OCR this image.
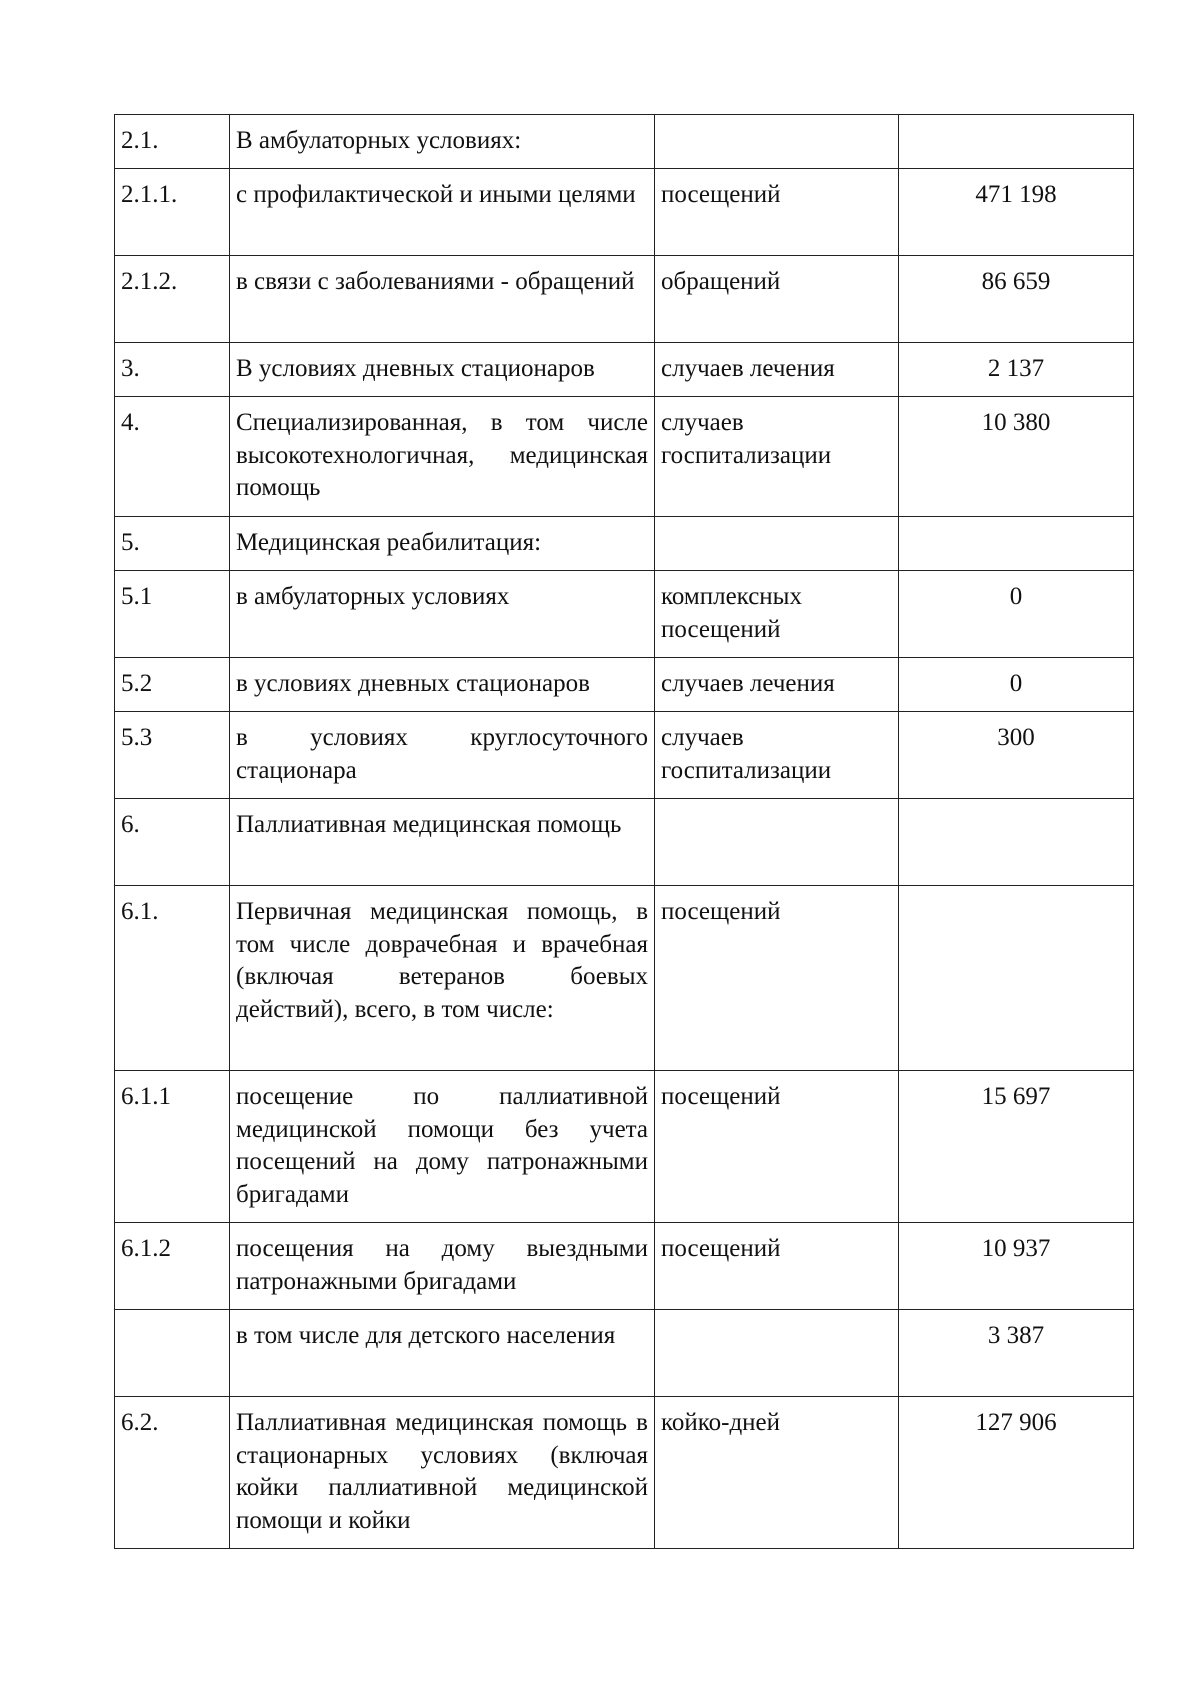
2.1.	В амбулаторных условиях:		
2.1.1.	с профилактической и иными целями	посещений	471 198
2.1.2.	в связи с заболеваниями - обращений	обращений	86 659
3.	В условиях дневных стационаров	случаев лечения	2 137
4.	Специализированная, в том числе высокотехнологичная, медицинская помощь	случаев госпитализации	10 380
5.	Медицинская реабилитация:		
5.1	в амбулаторных условиях	комплексных посещений	0
5.2	в условиях дневных стационаров	случаев лечения	0
5.3	в условиях круглосуточного стационара	случаев госпитализации	300
6.	Паллиативная медицинская помощь		
6.1.	Первичная медицинская помощь, в том числе доврачебная и врачебная (включая ветеранов боевых действий), всего, в том числе:	посещений	
6.1.1	посещение по паллиативной медицинской помощи без учета посещений на дому патронажными бригадами	посещений	15 697
6.1.2	посещения на дому выездными патронажными бригадами	посещений	10 937
	в том числе для детского населения		3 387
6.2.	Паллиативная медицинская помощь в стационарных условиях (включая койки паллиативной медицинской помощи и койки	койко-дней	127 906
